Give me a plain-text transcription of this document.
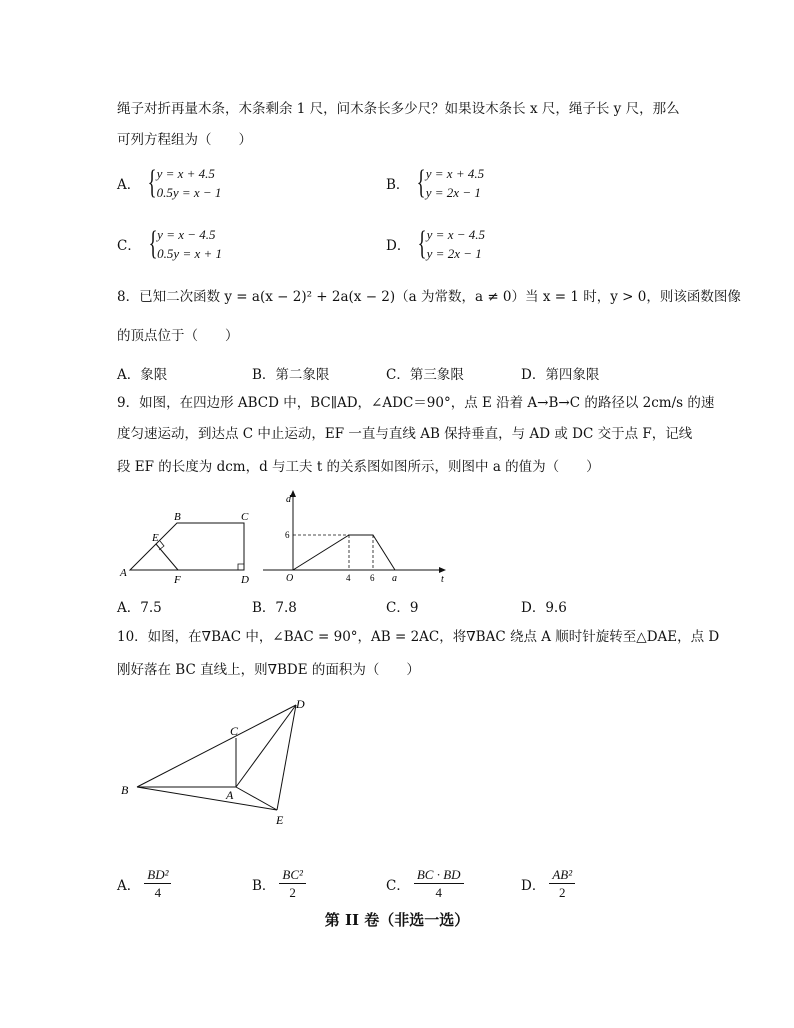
绳子对折再量木条，木条剩余 1 尺，问木条长多少尺？如果设木条长 x 尺，绳子长 y 尺，那么
可列方程组为（　　）
A． { y = x + 4.5
0.5y = x − 1	B． { y = x + 4.5
y = 2x − 1
C． { y = x − 4.5
0.5y = x + 1	D． { y = x − 4.5
y = 2x − 1
8．已知二次函数 y = a(x − 2)² + 2a(x − 2)（a 为常数，a ≠ 0）当 x = 1 时，y > 0，则该函数图像
的顶点位于（　　）
A．象限	B．第二象限	C．第三象限	D．第四象限
9．如图，在四边形 ABCD 中，BC∥AD，∠ADC＝90°，点 E 沿着 A→B→C 的路径以 2cm/s 的速
度匀速运动，到达点 C 中止运动，EF 一直与直线 AB 保持垂直，与 AD 或 DC 交于点 F，记线
段 EF 的长度为 dcm，d 与工夫 t 的关系图如图所示，则图中 a 的值为（　　）
A
B	C
D
E
F
d
t
O
6
4 6 a
A．7.5	B．7.8	C．9	D．9.6
10．如图，在∇BAC 中，∠BAC = 90°，AB = 2AC，将∇BAC 绕点 A 顺时针旋转至△DAE，点 D
刚好落在 BC 直线上，则∇BDE 的面积为（　　）
B
C
A
D
E
A． $\frac{\text{BD²}}{4}$	B． $\frac{\text{BC²}}{2}$	C． $\frac{BC \cdot BD}{4}$	D． $\frac{\text{AB²}}{2}$
第 II 卷（非选一选）
